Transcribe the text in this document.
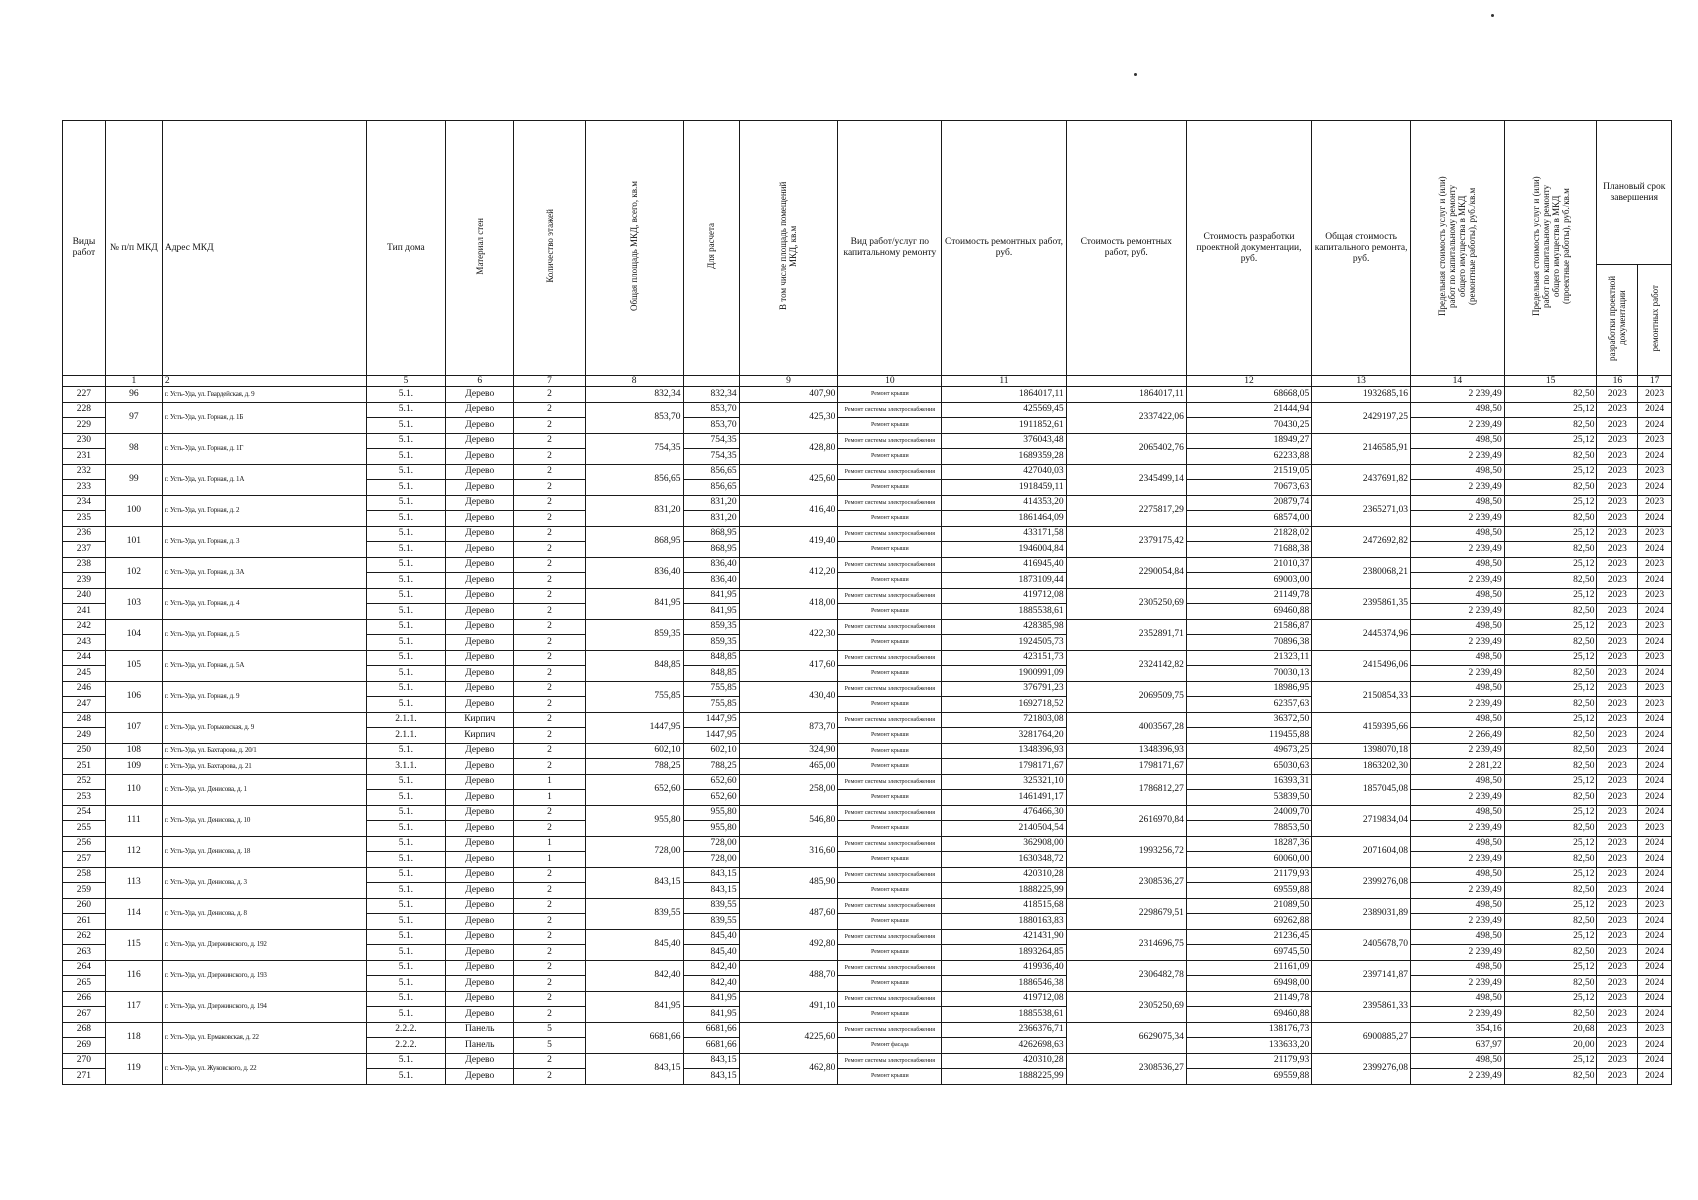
Виды работ	№ п/п МКД	Адрес МКД	Тип дома	Материал стен	Количество этажей	Общая площадь МКД, всего, кв.м	Для расчета	В том числе площадь помещений МКД, кв.м	Вид работ/услуг по капитальному ремонту	Стоимость ремонтных работ, руб.	Стоимость ремонтных работ, руб.	Стоимость разработки проектной документации, руб.	Общая стоимость капитального ремонта, руб.	Предельная стоимость услуг и (или) работ по капитальному ремонту общего имущества в МКД (ремонтные работы), руб./кв.м	Предельная стоимость услуг и (или) работ по капитальному ремонту общего имущества в МКД (проектные работы), руб./кв.м	Плановый срок завершения	
																разработки проектной документации	ремонтных работ
	1	2	5	6	7	8		9	10	11		12	13	14	15	16	17
227	96	г. Усть-Уда, ул. Гвардейская, д. 9	5.1.	Дерево	2	832,34	832,34	407,90	Ремонт крыши	1864017,11	1864017,11	68668,05	1932685,16	2 239,49	82,50	2023	2023
228	97	г. Усть-Уда, ул. Горная, д. 1Б	5.1.	Дерево	2	853,70	853,70	425,30	Ремонт системы электроснабжения	425569,45	2337422,06	21444,94	2429197,25	498,50	25,12	2023	2024
229			5.1.	Дерево	2		853,70		Ремонт крыши	1911852,61		70430,25		2 239,49	82,50	2023	2024
230	98	г. Усть-Уда, ул. Горная, д. 1Г	5.1.	Дерево	2	754,35	754,35	428,80	Ремонт системы электроснабжения	376043,48	2065402,76	18949,27	2146585,91	498,50	25,12	2023	2023
231			5.1.	Дерево	2		754,35		Ремонт крыши	1689359,28		62233,88		2 239,49	82,50	2023	2024
232	99	г. Усть-Уда, ул. Горная, д. 1А	5.1.	Дерево	2	856,65	856,65	425,60	Ремонт системы электроснабжения	427040,03	2345499,14	21519,05	2437691,82	498,50	25,12	2023	2023
233			5.1.	Дерево	2		856,65		Ремонт крыши	1918459,11		70673,63		2 239,49	82,50	2023	2024
234	100	г. Усть-Уда, ул. Горная, д. 2	5.1.	Дерево	2	831,20	831,20	416,40	Ремонт системы электроснабжения	414353,20	2275817,29	20879,74	2365271,03	498,50	25,12	2023	2023
235			5.1.	Дерево	2		831,20		Ремонт крыши	1861464,09		68574,00		2 239,49	82,50	2023	2024
236	101	г. Усть-Уда, ул. Горная, д. 3	5.1.	Дерево	2	868,95	868,95	419,40	Ремонт системы электроснабжения	433171,58	2379175,42	21828,02	2472692,82	498,50	25,12	2023	2023
237			5.1.	Дерево	2		868,95		Ремонт крыши	1946004,84		71688,38		2 239,49	82,50	2023	2024
238	102	г. Усть-Уда, ул. Горная, д. 3А	5.1.	Дерево	2	836,40	836,40	412,20	Ремонт системы электроснабжения	416945,40	2290054,84	21010,37	2380068,21	498,50	25,12	2023	2023
239			5.1.	Дерево	2		836,40		Ремонт крыши	1873109,44		69003,00		2 239,49	82,50	2023	2024
240	103	г. Усть-Уда, ул. Горная, д. 4	5.1.	Дерево	2	841,95	841,95	418,00	Ремонт системы электроснабжения	419712,08	2305250,69	21149,78	2395861,35	498,50	25,12	2023	2023
241			5.1.	Дерево	2		841,95		Ремонт крыши	1885538,61		69460,88		2 239,49	82,50	2023	2024
242	104	г. Усть-Уда, ул. Горная, д. 5	5.1.	Дерево	2	859,35	859,35	422,30	Ремонт системы электроснабжения	428385,98	2352891,71	21586,87	2445374,96	498,50	25,12	2023	2023
243			5.1.	Дерево	2		859,35		Ремонт крыши	1924505,73		70896,38		2 239,49	82,50	2023	2024
244	105	г. Усть-Уда, ул. Горная, д. 5А	5.1.	Дерево	2	848,85	848,85	417,60	Ремонт системы электроснабжения	423151,73	2324142,82	21323,11	2415496,06	498,50	25,12	2023	2023
245			5.1.	Дерево	2		848,85		Ремонт крыши	1900991,09		70030,13		2 239,49	82,50	2023	2024
246	106	г. Усть-Уда, ул. Горная, д. 9	5.1.	Дерево	2	755,85	755,85	430,40	Ремонт системы электроснабжения	376791,23	2069509,75	18986,95	2150854,33	498,50	25,12	2023	2023
247			5.1.	Дерево	2		755,85		Ремонт крыши	1692718,52		62357,63		2 239,49	82,50	2023	2023
248	107	г. Усть-Уда, ул. Горьковская, д. 9	2.1.1.	Кирпич	2	1447,95	1447,95	873,70	Ремонт системы электроснабжения	721803,08	4003567,28	36372,50	4159395,66	498,50	25,12	2023	2024
249			2.1.1.	Кирпич	2		1447,95		Ремонт крыши	3281764,20		119455,88		2 266,49	82,50	2023	2024
250	108	г. Усть-Уда, ул. Бахтарова, д. 20/1	5.1.	Дерево	2	602,10	602,10	324,90	Ремонт крыши	1348396,93	1348396,93	49673,25	1398070,18	2 239,49	82,50	2023	2024
251	109	г. Усть-Уда, ул. Бахтарова, д. 21	3.1.1.	Дерево	2	788,25	788,25	465,00	Ремонт крыши	1798171,67	1798171,67	65030,63	1863202,30	2 281,22	82,50	2023	2024
252	110	г. Усть-Уда, ул. Денисова, д. 1	5.1.	Дерево	1	652,60	652,60	258,00	Ремонт системы электроснабжения	325321,10	1786812,27	16393,31	1857045,08	498,50	25,12	2023	2024
253			5.1.	Дерево	1		652,60		Ремонт крыши	1461491,17		53839,50		2 239,49	82,50	2023	2024
254	111	г. Усть-Уда, ул. Денисова, д. 10	5.1.	Дерево	2	955,80	955,80	546,80	Ремонт системы электроснабжения	476466,30	2616970,84	24009,70	2719834,04	498,50	25,12	2023	2024
255			5.1.	Дерево	2		955,80		Ремонт крыши	2140504,54		78853,50		2 239,49	82,50	2023	2023
256	112	г. Усть-Уда, ул. Денисова, д. 18	5.1.	Дерево	1	728,00	728,00	316,60	Ремонт системы электроснабжения	362908,00	1993256,72	18287,36	2071604,08	498,50	25,12	2023	2024
257			5.1.	Дерево	1		728,00		Ремонт крыши	1630348,72		60060,00		2 239,49	82,50	2023	2024
258	113	г. Усть-Уда, ул. Денисова, д. 3	5.1.	Дерево	2	843,15	843,15	485,90	Ремонт системы электроснабжения	420310,28	2308536,27	21179,93	2399276,08	498,50	25,12	2023	2024
259			5.1.	Дерево	2		843,15		Ремонт крыши	1888225,99		69559,88		2 239,49	82,50	2023	2024
260	114	г. Усть-Уда, ул. Денисова, д. 8	5.1.	Дерево	2	839,55	839,55	487,60	Ремонт системы электроснабжения	418515,68	2298679,51	21089,50	2389031,89	498,50	25,12	2023	2023
261			5.1.	Дерево	2		839,55		Ремонт крыши	1880163,83		69262,88		2 239,49	82,50	2023	2024
262	115	г. Усть-Уда, ул. Дзержинского, д. 192	5.1.	Дерево	2	845,40	845,40	492,80	Ремонт системы электроснабжения	421431,90	2314696,75	21236,45	2405678,70	498,50	25,12	2023	2024
263			5.1.	Дерево	2		845,40		Ремонт крыши	1893264,85		69745,50		2 239,49	82,50	2023	2024
264	116	г. Усть-Уда, ул. Дзержинского, д. 193	5.1.	Дерево	2	842,40	842,40	488,70	Ремонт системы электроснабжения	419936,40	2306482,78	21161,09	2397141,87	498,50	25,12	2023	2024
265			5.1.	Дерево	2		842,40		Ремонт крыши	1886546,38		69498,00		2 239,49	82,50	2023	2024
266	117	г. Усть-Уда, ул. Дзержинского, д. 194	5.1.	Дерево	2	841,95	841,95	491,10	Ремонт системы электроснабжения	419712,08	2305250,69	21149,78	2395861,33	498,50	25,12	2023	2024
267			5.1.	Дерево	2		841,95		Ремонт крыши	1885538,61		69460,88		2 239,49	82,50	2023	2024
268	118	г. Усть-Уда, ул. Ермаковская, д. 22	2.2.2.	Панель	5	6681,66	6681,66	4225,60	Ремонт системы электроснабжения	2366376,71	6629075,34	138176,73	6900885,27	354,16	20,68	2023	2023
269			2.2.2.	Панель	5		6681,66		Ремонт фасада	4262698,63		133633,20		637,97	20,00	2023	2024
270	119	г. Усть-Уда, ул. Жуковского, д. 22	5.1.	Дерево	2	843,15	843,15	462,80	Ремонт системы электроснабжения	420310,28	2308536,27	21179,93	2399276,08	498,50	25,12	2023	2024
271			5.1.	Дерево	2		843,15		Ремонт крыши	1888225,99		69559,88		2 239,49	82,50	2023	2024
